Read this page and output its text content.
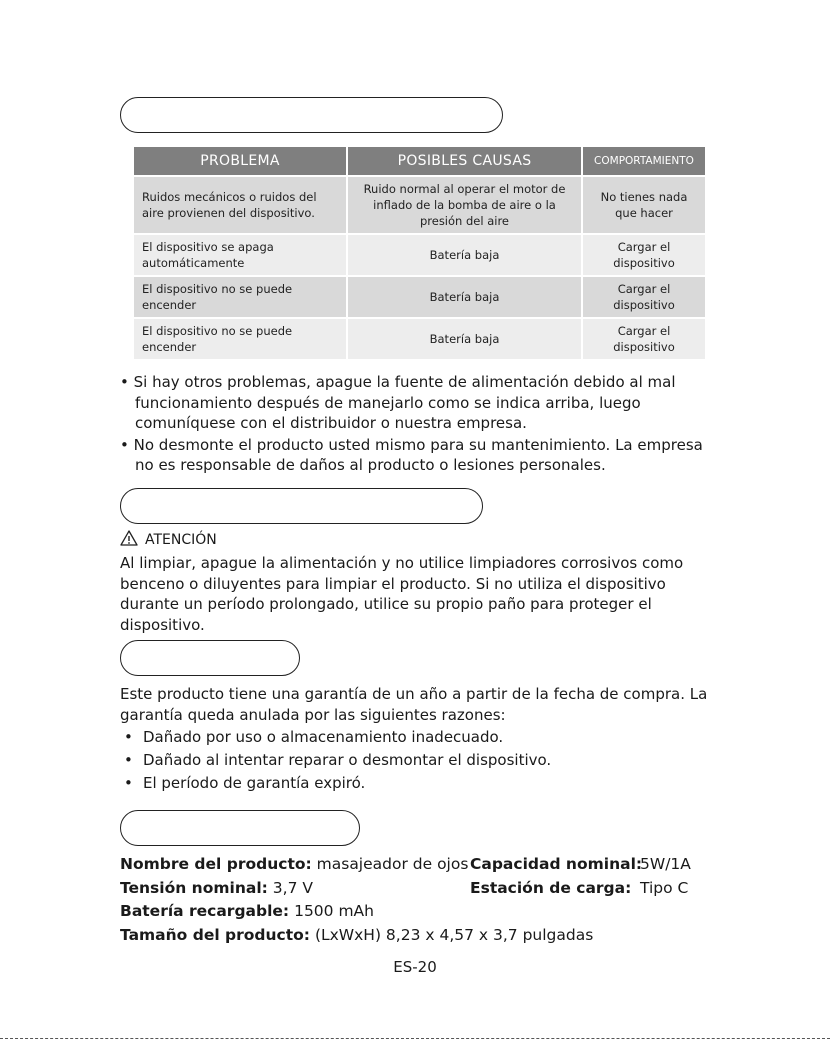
PROBLEMA	POSIBLES CAUSAS	COMPORTAMIENTO
Ruidos mecánicos o ruidos del aire provienen del dispositivo.	Ruido normal al operar el motor de inflado de la bomba de aire o la presión del aire	No tienes nada que hacer
El dispositivo se apaga automáticamente	Batería baja	Cargar el dispositivo
El dispositivo no se puede encender	Batería baja	Cargar el dispositivo
El dispositivo no se puede encender	Batería baja	Cargar el dispositivo
• Si hay otros problemas, apague la fuente de alimentación debido al mal funcionamiento después de manejarlo como se indica arriba, luego comuníquese con el distribuidor o nuestra empresa.
• No desmonte el producto usted mismo para su mantenimiento. La empresa no es responsable de daños al producto o lesiones personales.
ATENCIÓN

Al limpiar, apague la alimentación y no utilice limpiadores corrosivos como benceno o diluyentes para limpiar el producto. Si no utiliza el dispositivo durante un período prolongado, utilice su propio paño para proteger el dispositivo.

Este producto tiene una garantía de un año a partir de la fecha de compra. La garantía queda anulada por las siguientes razones:

• Dañado por uso o almacenamiento inadecuado.
• Dañado al intentar reparar o desmontar el dispositivo.
• El período de garantía expiró.
Nombre del producto: masajeador de ojos Capacidad nominal:
5W/1A
Tensión nominal: 3,7 V	Estación de carga: Tipo C
Batería recargable: 1500 mAh
Tamaño del producto: (LxWxH) 8,23 x 4,57 x 3,7 pulgadas
ES-20
